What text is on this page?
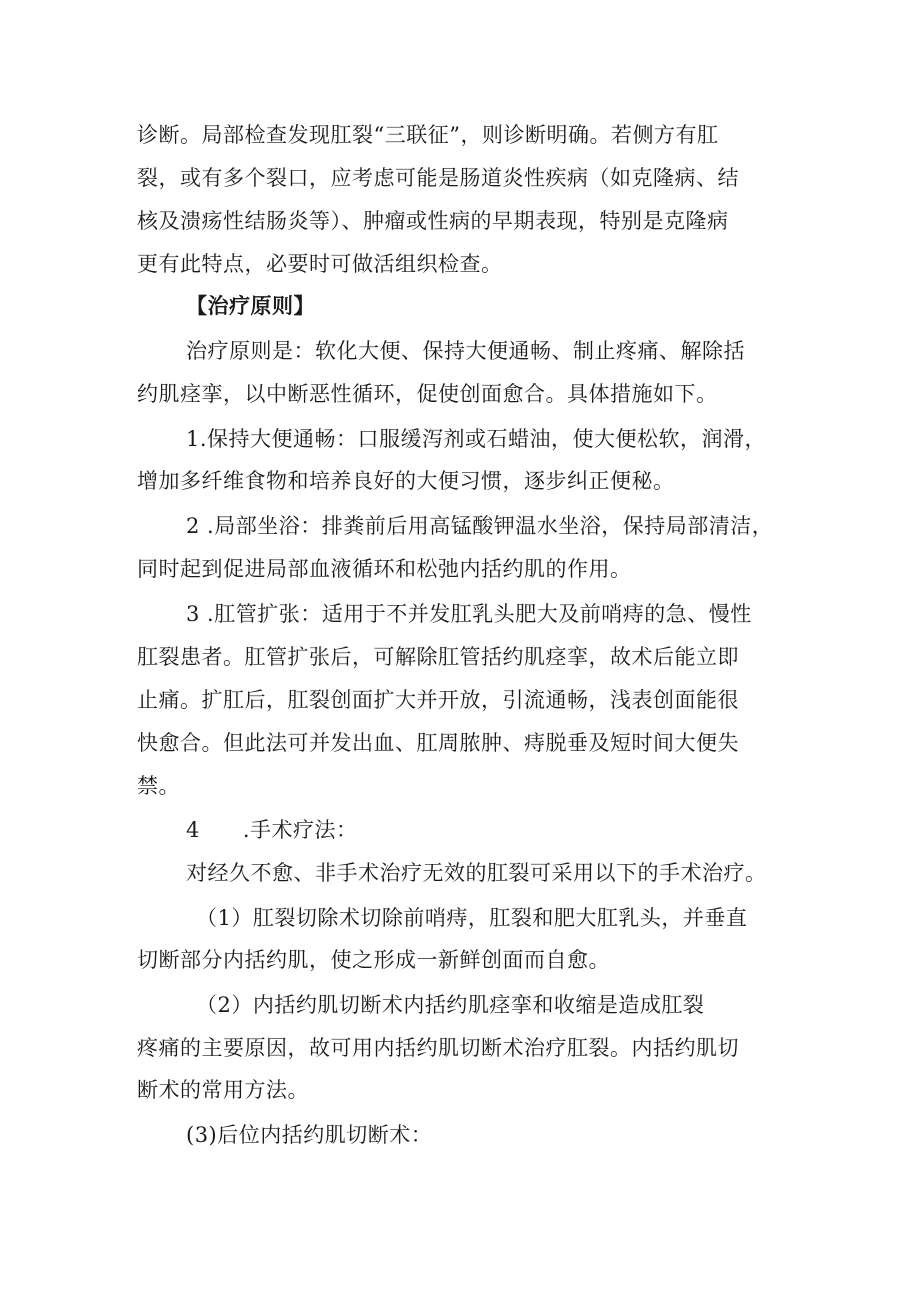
诊断。局部检查发现肛裂“三联征”，则诊断明确。若侧方有肛
裂，或有多个裂口，应考虑可能是肠道炎性疾病（如克隆病、结
核及溃疡性结肠炎等）、肿瘤或性病的早期表现，特别是克隆病
更有此特点，必要时可做活组织检查。
【治疗原则】
治疗原则是：软化大便、保持大便通畅、制止疼痛、解除括
约肌痉挛，以中断恶性循环，促使创面愈合。具体措施如下。
1.保持大便通畅：口服缓泻剂或石蜡油，使大便松软，润滑，
增加多纤维食物和培养良好的大便习惯，逐步纠正便秘。
2 .局部坐浴：排粪前后用高锰酸钾温水坐浴，保持局部清洁，
同时起到促进局部血液循环和松弛内括约肌的作用。
3 .肛管扩张：适用于不并发肛乳头肥大及前哨痔的急、慢性
肛裂患者。肛管扩张后，可解除肛管括约肌痉挛，故术后能立即
止痛。扩肛后，肛裂创面扩大并开放，引流通畅，浅表创面能很
快愈合。但此法可并发出血、肛周脓肿、痔脱垂及短时间大便失
禁。
4　　.手术疗法：
对经久不愈、非手术治疗无效的肛裂可采用以下的手术治疗。
（1）肛裂切除术切除前哨痔，肛裂和肥大肛乳头，并垂直
切断部分内括约肌，使之形成一新鲜创面而自愈。
（2）内括约肌切断术内括约肌痉挛和收缩是造成肛裂
疼痛的主要原因，故可用内括约肌切断术治疗肛裂。内括约肌切
断术的常用方法。
(3)后位内括约肌切断术：
